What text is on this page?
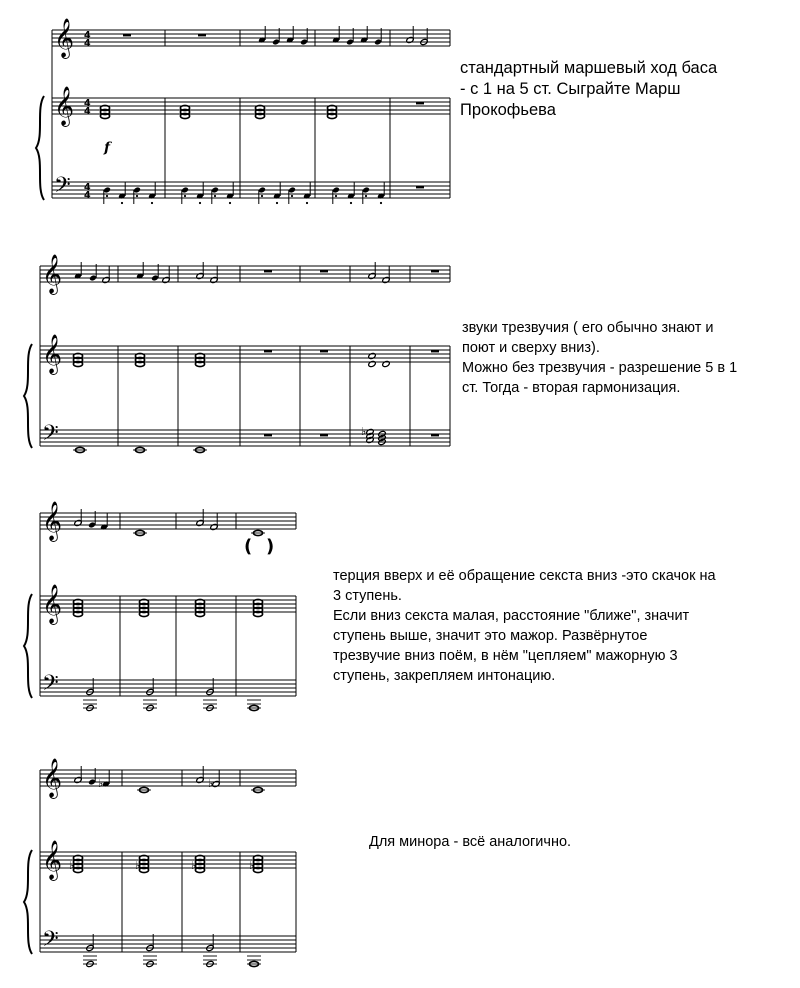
𝄞
𝄞
𝄢
4
4
4
4
4
4
f
𝄞
𝄞
𝄢	♭
𝄞
𝄞
𝄢
( )
𝄞
𝄞
𝄢
♭	♭
♭	♭	♭	♭

стандартный маршевый ход баса

- с 1 на 5 ст. Сыграйте Марш

Прокофьева

звуки трезвучия ( его обычно знают и

поют и сверху вниз).

Можно без трезвучия - разрешение 5 в 1

ст. Тогда - вторая гармонизация.

терция вверх и её обращение секста вниз -это скачок на

3 ступень.

Если вниз секста малая, расстояние "ближе", значит

ступень выше, значит это мажор. Развёрнутое

трезвучие вниз поём, в нём "цепляем" мажорную 3

ступень, закрепляем интонацию.

Для минора - всё аналогично.
